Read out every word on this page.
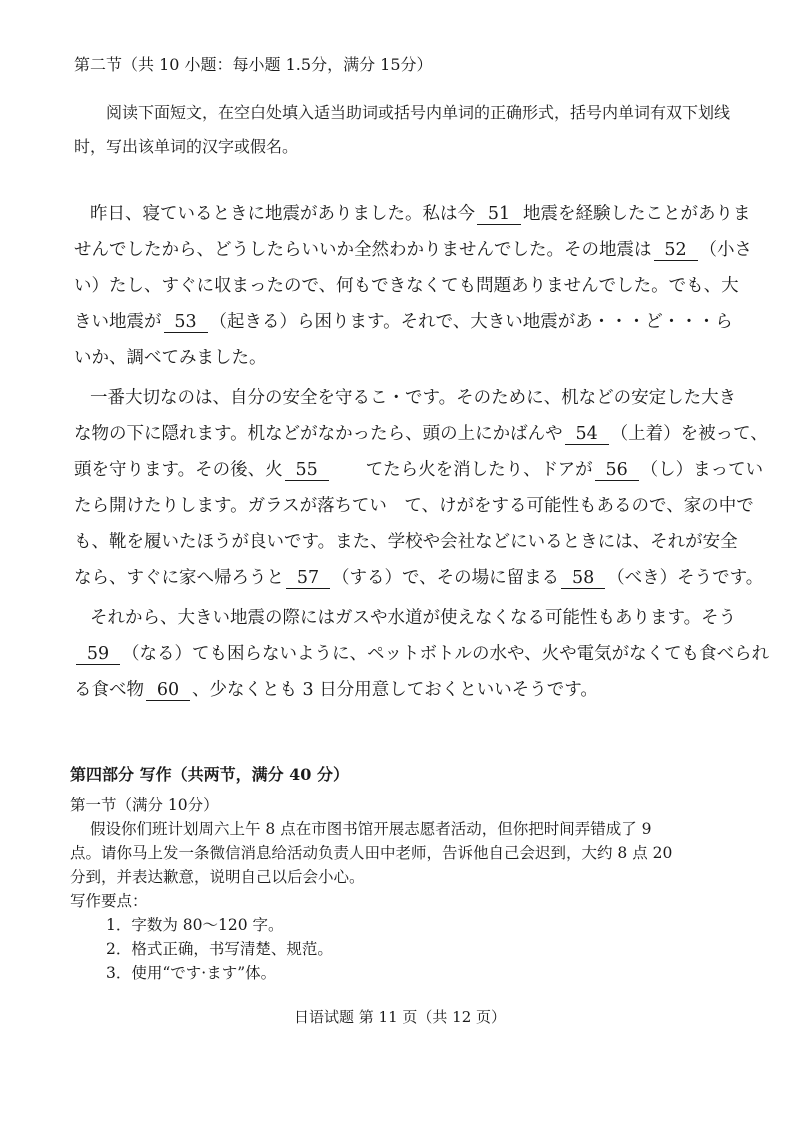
第二节（共 10 小题：每小题 1.5分，满分 15分）
阅读下面短文，在空白处填入适当助词或括号内单词的正确形式，括号内单词有双下划线时，写出该单词的汉字或假名。
昨日、寝ているときに地震がありました。私は今 51 地震を経験したことがありま
せんでしたから、どうしたらいいか全然わかりませんでした。その地震は 52 （小さ
い）たし、すぐに収まったので、何もできなくても問題ありませんでした。でも、大
きい地震が 53 （起きる）ら困ります。それで、大きい地震があ・・・ど・・・ら
いか、調べてみました。
一番大切なのは、自分の安全を守るこ・です。そのために、机などの安定した大き
な物の下に隠れます。机などがなかったら、頭の上にかばんや 54 （上着）を被って、
頭を守ります。その後、火 55　　てたら火を消したり、ドアが 56 （し）まってい
たら開けたりします。ガラスが落ちてい　て、けがをする可能性もあるので、家の中で
も、靴を履いたほうが良いです。また、学校や会社などにいるときには、それが安全
なら、すぐに家へ帰ろうと 57 （する）で、その場に留まる 58 （べき）そうです。
それから、大きい地震の際にはガスや水道が使えなくなる可能性もあります。そう
59 （なる）ても困らないように、ペットボトルの水や、火や電気がなくても食べられ
る食べ物 60 、少なくとも 3 日分用意しておくといいそうです。
第四部分 写作（共两节，满分 40 分）
第一节（满分 10分）
假设你们班计划周六上午 8 点在市图书馆开展志愿者活动，但你把时间弄错成了 9
点。请你马上发一条微信消息给活动负责人田中老师，告诉他自己会迟到，大约 8 点 20
分到，并表达歉意，说明自己以后会小心。
写作要点：
1．字数为 80～120 字。
2．格式正确，书写清楚、规范。
3．使用“です·ます”体。
日语试题 第 11 页（共 12 页）
